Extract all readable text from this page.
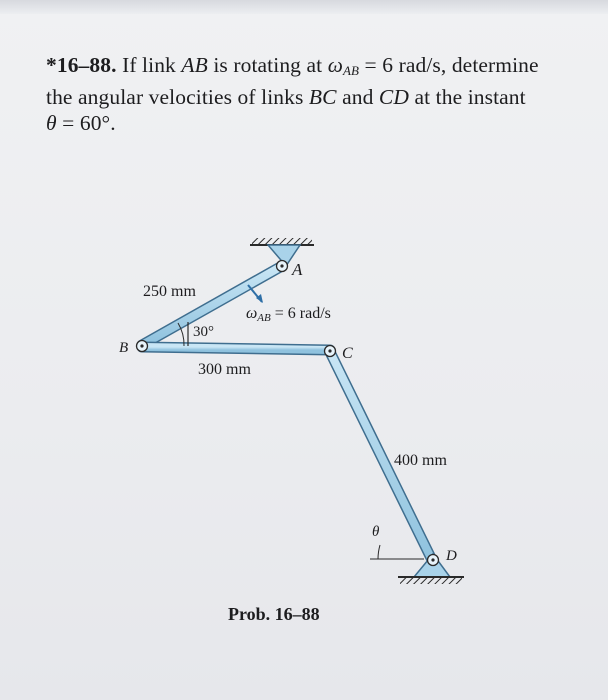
*16–88. If link AB is rotating at $\omega_{AB} = 6$ rad/s, determine
the angular velocities of links BC and CD at the instant
θ = 60°.
30°
θ
A
B	C
D
250 mm
300 mm
400 mm
ωAB = 6 rad/s
Prob. 16–88
